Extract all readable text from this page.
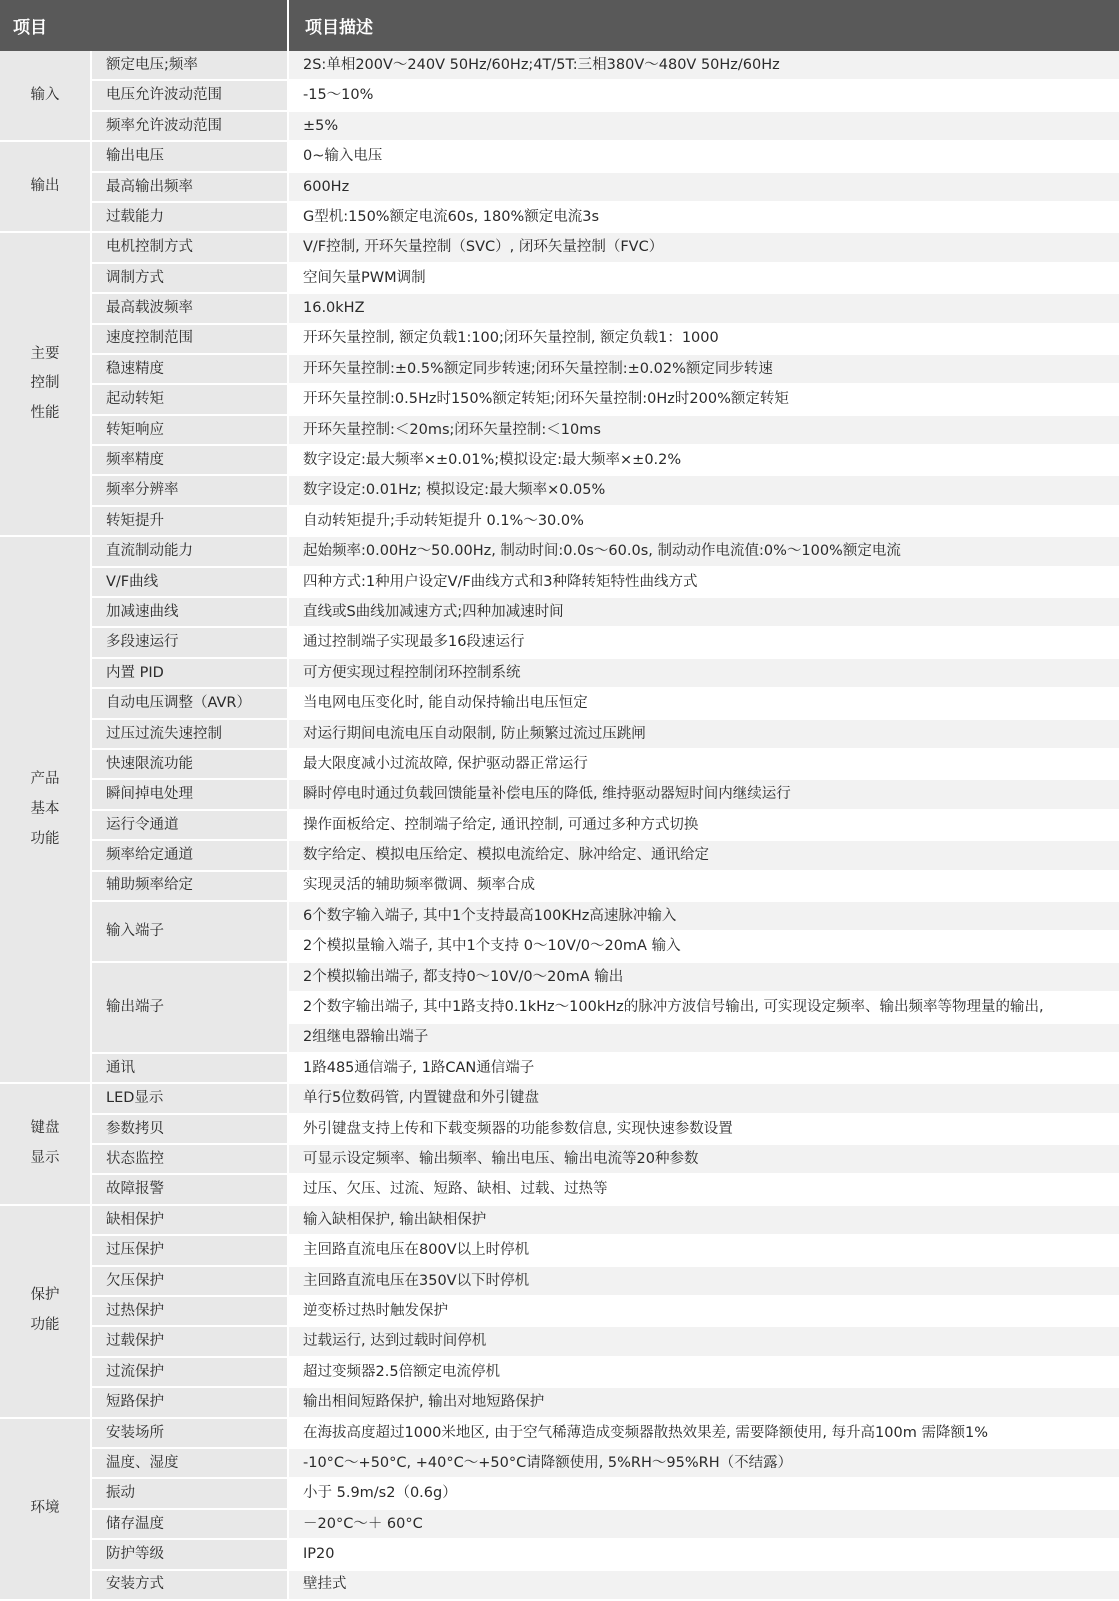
项目		项目描述

输入	额定电压;频率	2S:单相200V～240V 50Hz/60Hz;4T/5T:三相380V～480V 50Hz/60Hz
	电压允许波动范围	-15～10%
	频率允许波动范围	±5%

输出	输出电压	0~输入电压
	最高输出频率	600Hz
	过载能力	G型机:150%额定电流60s, 180%额定电流3s

主要
控制
性能	电机控制方式	V/F控制, 开环矢量控制（SVC）, 闭环矢量控制（FVC）
	调制方式	空间矢量PWM调制
	最高载波频率	16.0kHZ
	速度控制范围	开环矢量控制, 额定负载1:100;闭环矢量控制, 额定负载1：1000
	稳速精度	开环矢量控制:±0.5%额定同步转速;闭环矢量控制:±0.02%额定同步转速
	起动转矩	开环矢量控制:0.5Hz时150%额定转矩;闭环矢量控制:0Hz时200%额定转矩
	转矩响应	开环矢量控制:＜20ms;闭环矢量控制:＜10ms
	频率精度	数字设定:最大频率×±0.01%;模拟设定:最大频率×±0.2%
	频率分辨率	数字设定:0.01Hz; 模拟设定:最大频率×0.05%
	转矩提升	自动转矩提升;手动转矩提升 0.1%～30.0%

产品
基本
功能	直流制动能力	起始频率:0.00Hz～50.00Hz, 制动时间:0.0s～60.0s, 制动动作电流值:0%～100%额定电流
	V/F曲线	四种方式:1种用户设定V/F曲线方式和3种降转矩特性曲线方式
	加减速曲线	直线或S曲线加减速方式;四种加减速时间
	多段速运行	通过控制端子实现最多16段速运行
	内置 PID	可方便实现过程控制闭环控制系统
	自动电压调整（AVR）	当电网电压变化时, 能自动保持输出电压恒定
	过压过流失速控制	对运行期间电流电压自动限制, 防止频繁过流过压跳闸
	快速限流功能	最大限度减小过流故障, 保护驱动器正常运行
	瞬间掉电处理	瞬时停电时通过负载回馈能量补偿电压的降低, 维持驱动器短时间内继续运行
	运行令通道	操作面板给定、控制端子给定, 通讯控制, 可通过多种方式切换
	频率给定通道	数字给定、模拟电压给定、模拟电流给定、脉冲给定、通讯给定
	辅助频率给定	实现灵活的辅助频率微调、频率合成
	输入端子	6个数字输入端子, 其中1个支持最高100KHz高速脉冲输入
		2个模拟量输入端子, 其中1个支持 0～10V/0～20mA 输入
	输出端子	2个模拟输出端子, 都支持0～10V/0～20mA 输出
		2个数字输出端子, 其中1路支持0.1kHz～100kHz的脉冲方波信号输出, 可实现设定频率、输出频率等物理量的输出,
		2组继电器输出端子
	通讯	1路485通信端子, 1路CAN通信端子

键盘
显示	LED显示	单行5位数码管, 内置键盘和外引键盘
	参数拷贝	外引键盘支持上传和下载变频器的功能参数信息, 实现快速参数设置
	状态监控	可显示设定频率、输出频率、输出电压、输出电流等20种参数
	故障报警	过压、欠压、过流、短路、缺相、过载、过热等

保护
功能	缺相保护	输入缺相保护, 输出缺相保护
	过压保护	主回路直流电压在800V以上时停机
	欠压保护	主回路直流电压在350V以下时停机
	过热保护	逆变桥过热时触发保护
	过载保护	过载运行, 达到过载时间停机
	过流保护	超过变频器2.5倍额定电流停机
	短路保护	输出相间短路保护, 输出对地短路保护

环境	安装场所	在海拔高度超过1000米地区, 由于空气稀薄造成变频器散热效果差, 需要降额使用, 每升高100m 需降额1%
	温度、湿度	-10°C～+50°C, +40°C～+50°C请降额使用, 5%RH～95%RH（不结露）
	振动	小于 5.9m/s2（0.6g）
	储存温度	－20°C～＋ 60°C
	防护等级	IP20
	安装方式	壁挂式
